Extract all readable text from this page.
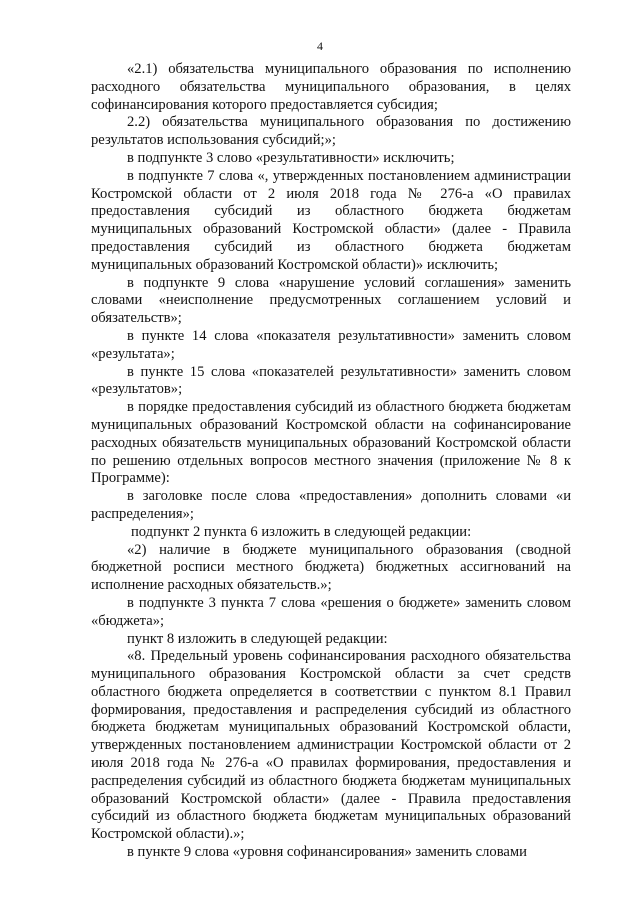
4

«2.1) обязательства муниципального образования по исполнению расходного обязательства муниципального образования, в целях софинансирования которого предоставляется субсидия;

2.2) обязательства муниципального образования по достижению результатов использования субсидий;»;

в подпункте 3 слово «результативности» исключить;

в подпункте 7 слова «, утвержденных постановлением администрации Костромской области от 2 июля 2018 года № 276-а «О правилах предоставления субсидий из областного бюджета бюджетам муниципальных образований Костромской области» (далее - Правила предоставления субсидий из областного бюджета бюджетам муниципальных образований Костромской области)» исключить;

в подпункте 9 слова «нарушение условий соглашения» заменить словами «неисполнение предусмотренных соглашением условий и обязательств»;

в пункте 14 слова «показателя результативности» заменить словом «результата»;

в пункте 15 слова «показателей результативности» заменить словом «результатов»;

в порядке предоставления субсидий из областного бюджета бюджетам муниципальных образований Костромской области на софинансирование расходных обязательств муниципальных образований Костромской области по решению отдельных вопросов местного значения (приложение № 8 к Программе):

в заголовке после слова «предоставления» дополнить словами «и распределения»;

подпункт 2 пункта 6 изложить в следующей редакции:

«2) наличие в бюджете муниципального образования (сводной бюджетной росписи местного бюджета) бюджетных ассигнований на исполнение расходных обязательств.»;

в подпункте 3 пункта 7 слова «решения о бюджете» заменить словом «бюджета»;

пункт 8 изложить в следующей редакции:

«8. Предельный уровень софинансирования расходного обязательства муниципального образования Костромской области за счет средств областного бюджета определяется в соответствии с пунктом 8.1 Правил формирования, предоставления и распределения субсидий из областного бюджета бюджетам муниципальных образований Костромской области, утвержденных постановлением администрации Костромской области от 2 июля 2018 года № 276-а «О правилах формирования, предоставления и распределения субсидий из областного бюджета бюджетам муниципальных образований Костромской области» (далее - Правила предоставления субсидий из областного бюджета бюджетам муниципальных образований Костромской области).»;

в пункте 9 слова «уровня софинансирования» заменить словами
